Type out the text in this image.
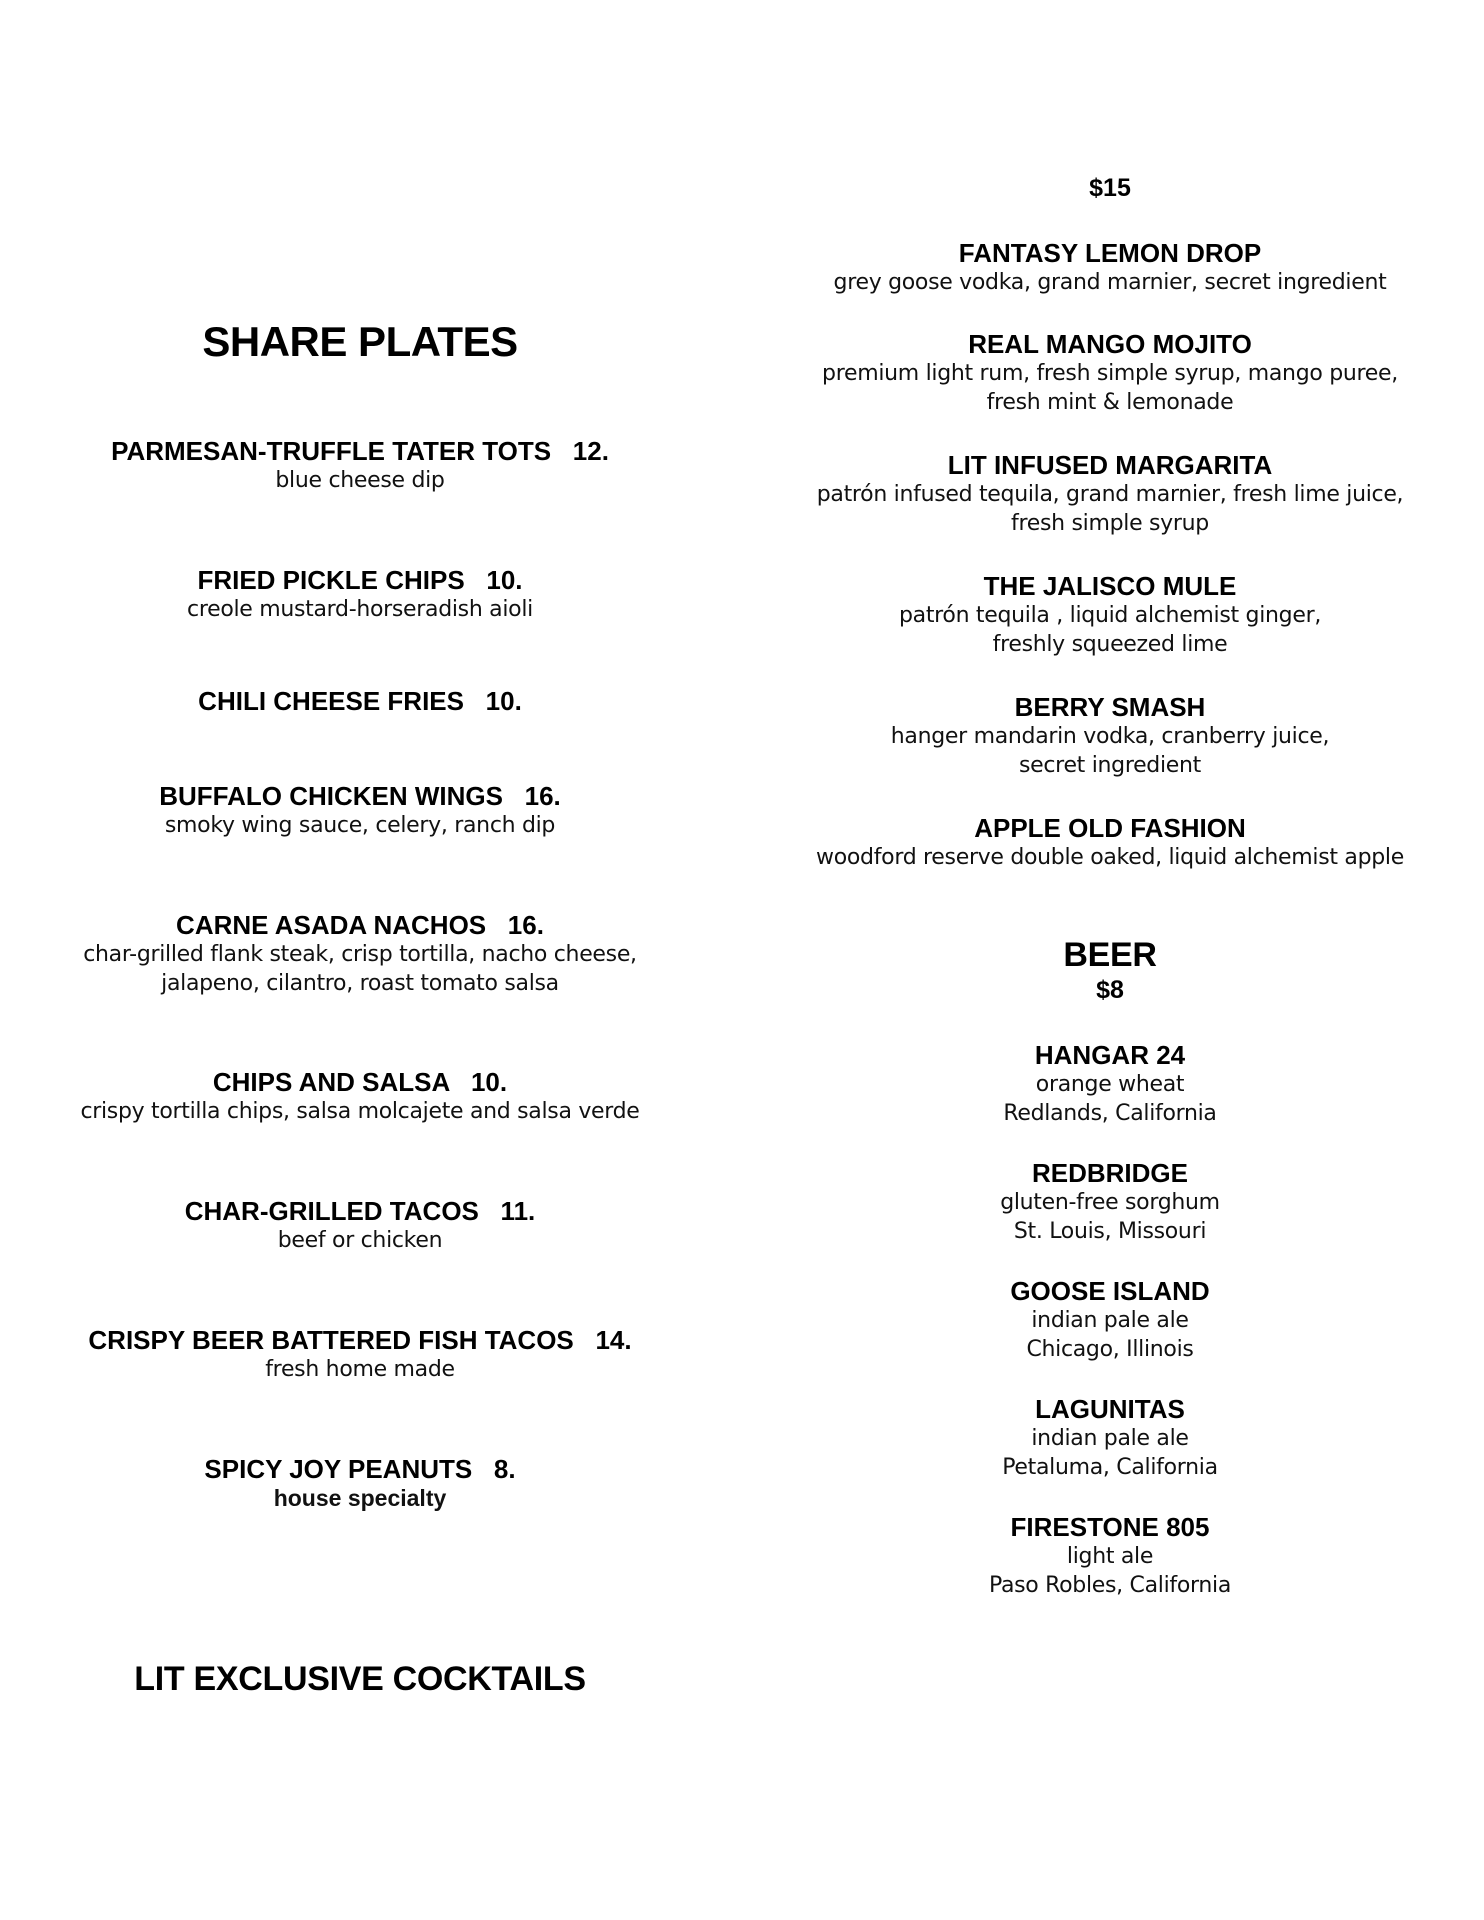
SHARE PLATES
PARMESAN-TRUFFLE TATER TOTS   12.
blue cheese dip
FRIED PICKLE CHIPS   10.
creole mustard-horseradish aioli
CHILI CHEESE FRIES   10.
BUFFALO CHICKEN WINGS   16.
smoky wing sauce, celery, ranch dip
CARNE ASADA NACHOS   16.
char-grilled flank steak, crisp tortilla, nacho cheese,
jalapeno, cilantro, roast tomato salsa
CHIPS AND SALSA   10.
crispy tortilla chips, salsa molcajete and salsa verde
CHAR-GRILLED TACOS   11.
beef or chicken
CRISPY BEER BATTERED FISH TACOS   14.
fresh home made
SPICY JOY PEANUTS   8.
house specialty
LIT EXCLUSIVE COCKTAILS
$15
FANTASY LEMON DROP
grey goose vodka, grand marnier, secret ingredient
REAL MANGO MOJITO
premium light rum, fresh simple syrup, mango puree,
fresh mint & lemonade
LIT INFUSED MARGARITA
patrón infused tequila, grand marnier, fresh lime juice,
fresh simple syrup
THE JALISCO MULE
patrón tequila , liquid alchemist ginger,
freshly squeezed lime
BERRY SMASH
hanger mandarin vodka, cranberry juice,
secret ingredient
APPLE OLD FASHION
woodford reserve double oaked, liquid alchemist apple
BEER
$8
HANGAR 24
orange wheat
Redlands, California
REDBRIDGE
gluten-free sorghum
St. Louis, Missouri
GOOSE ISLAND
indian pale ale
Chicago, Illinois
LAGUNITAS
indian pale ale
Petaluma, California
FIRESTONE 805
light ale
Paso Robles, California
